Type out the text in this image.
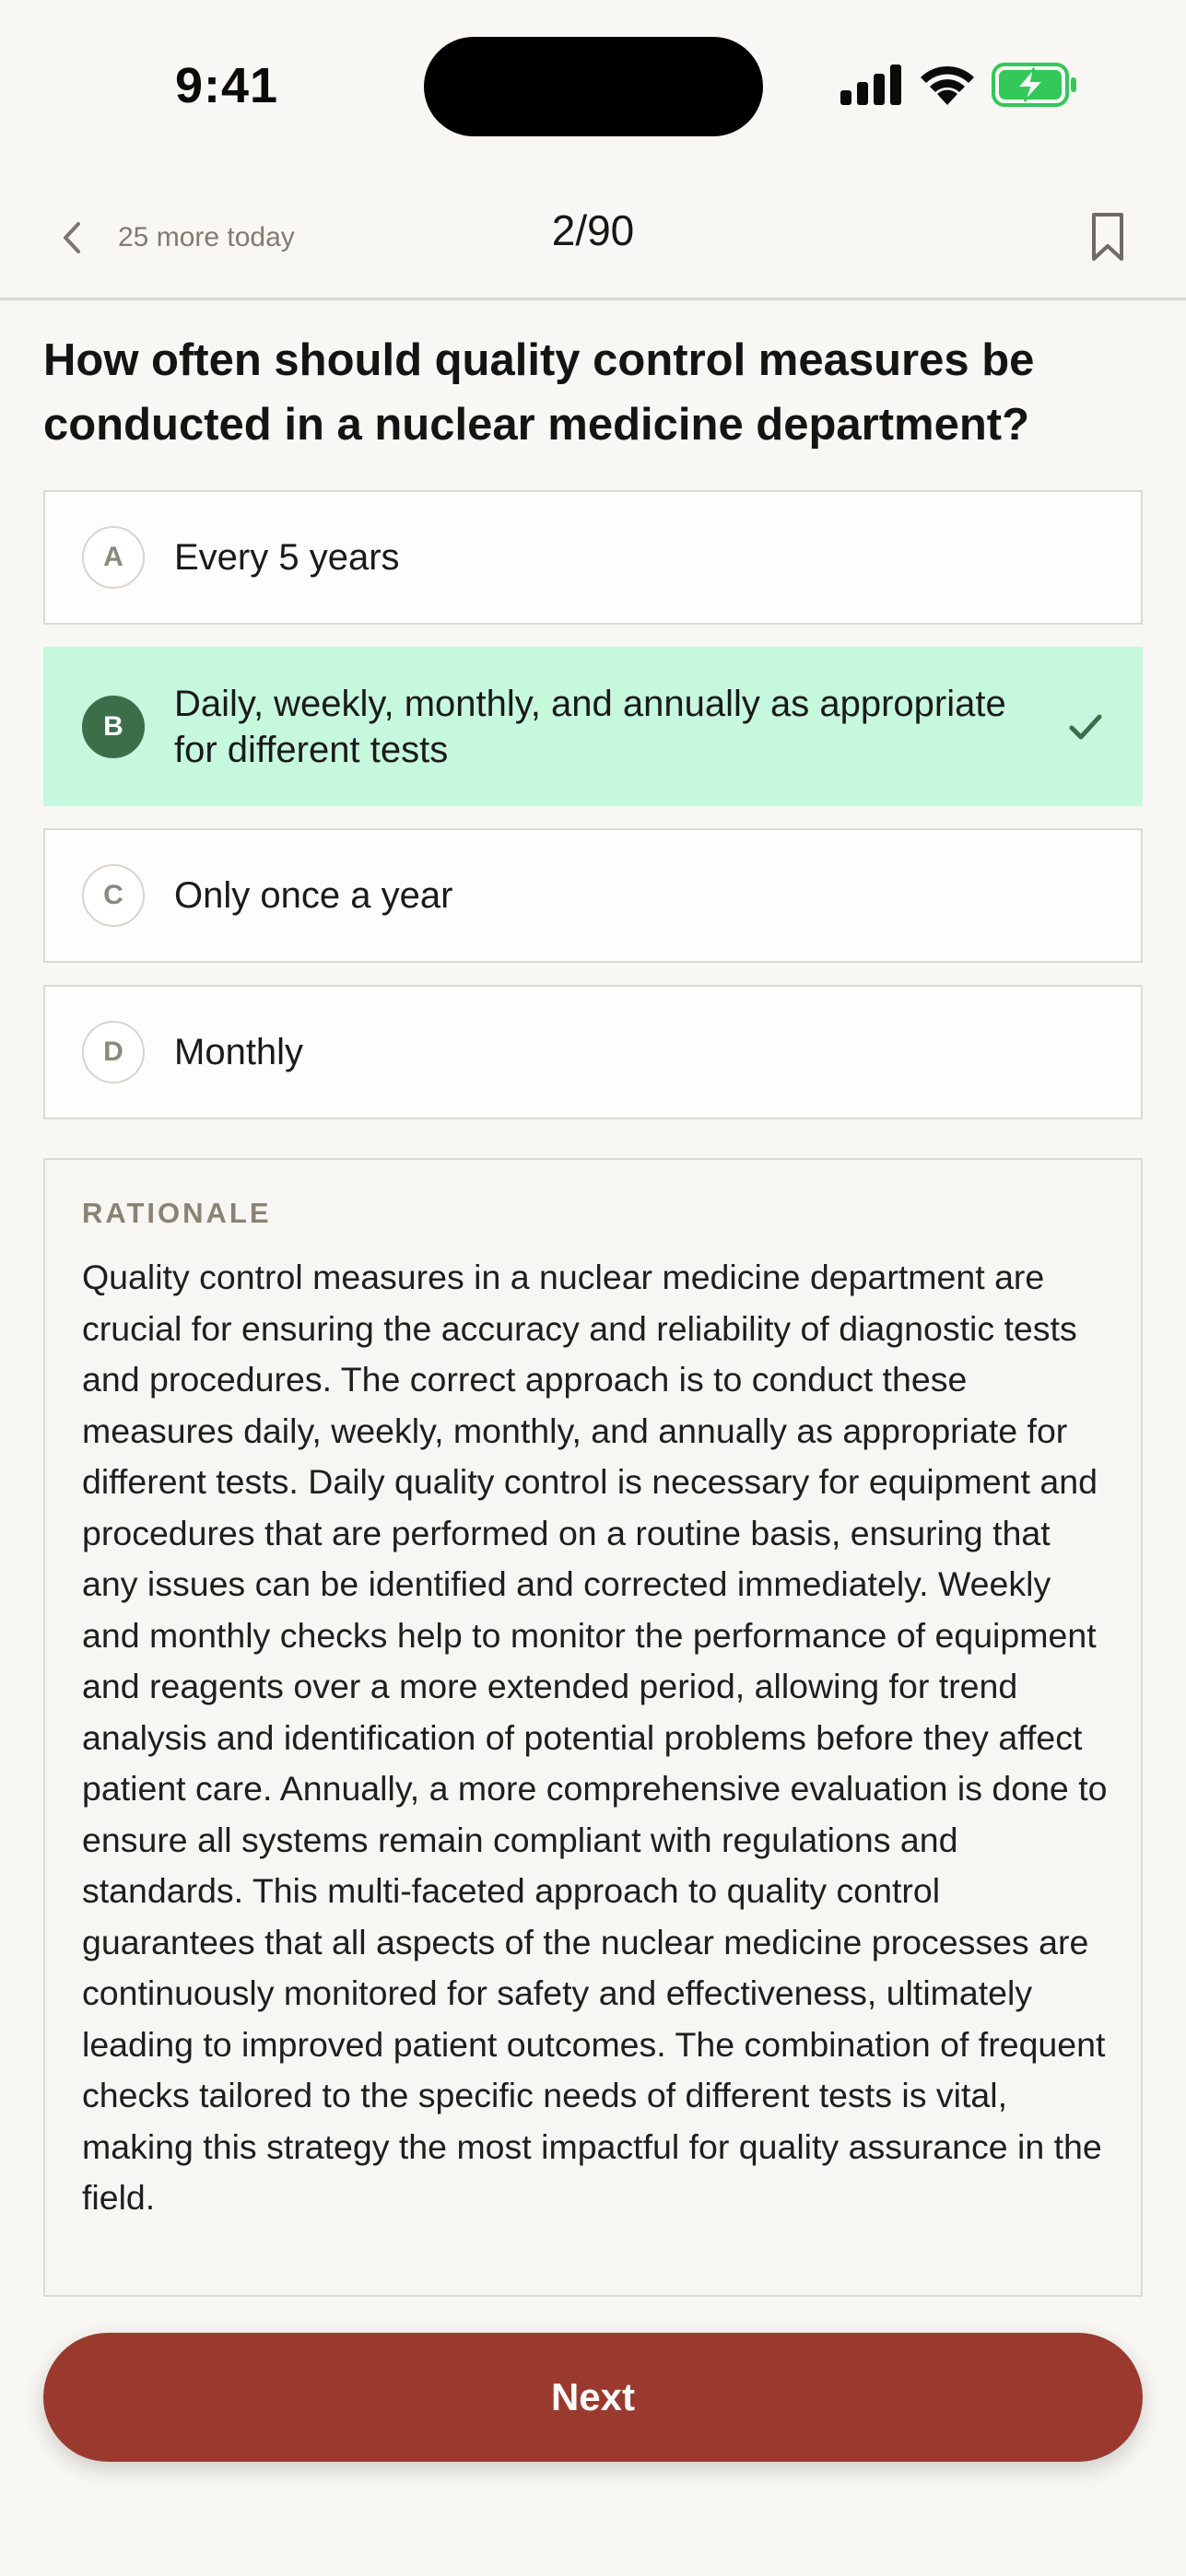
9:41
25 more today	2/90
How often should quality control measures be conducted in a nuclear medicine department?
A	Every 5 years
B
Daily, weekly, monthly, and annually as appropriate for different tests
C	Only once a year
D	Monthly
RATIONALE
Quality control measures in a nuclear medicine department are crucial for ensuring the accuracy and reliability of diagnostic tests and procedures. The correct approach is to conduct these measures daily, weekly, monthly, and annually as appropriate for different tests. Daily quality control is necessary for equipment and procedures that are performed on a routine basis, ensuring that any issues can be identified and corrected immediately. Weekly and monthly checks help to monitor the performance of equipment and reagents over a more extended period, allowing for trend analysis and identification of potential problems before they affect patient care. Annually, a more comprehensive evaluation is done to ensure all systems remain compliant with regulations and standards. This multi-faceted approach to quality control guarantees that all aspects of the nuclear medicine processes are continuously monitored for safety and effectiveness, ultimately leading to improved patient outcomes. The combination of frequent checks tailored to the specific needs of different tests is vital, making this strategy the most impactful for quality assurance in the field.
Next
